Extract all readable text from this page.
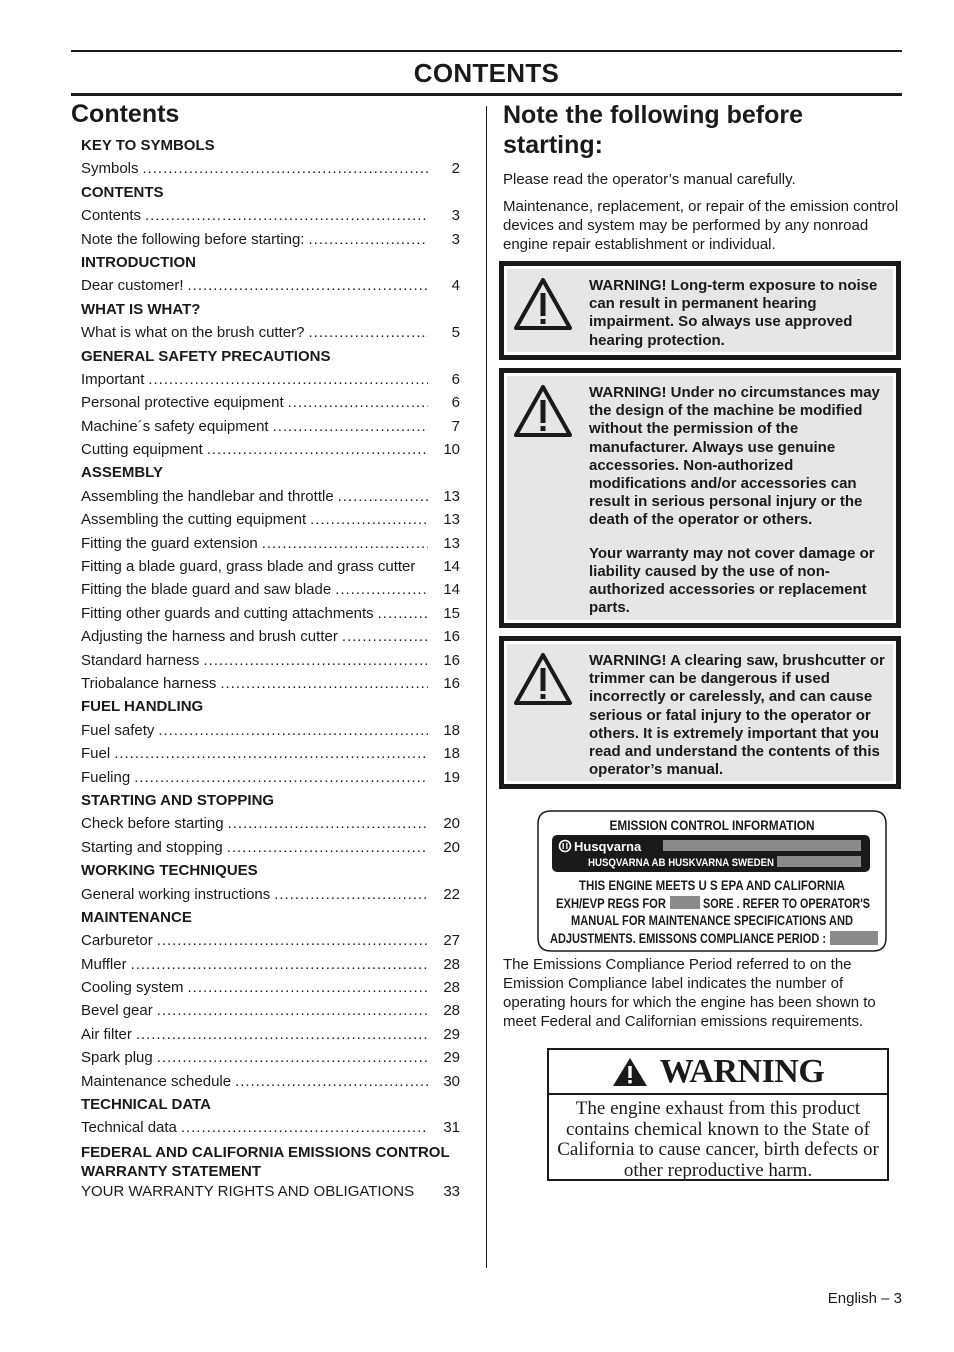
CONTENTS
Contents
KEY TO SYMBOLS
Symbols . . .	2
CONTENTS
Contents . . .	3
Note the following before starting: . . .	3
INTRODUCTION
Dear customer! . . .	4
WHAT IS WHAT?
What is what on the brush cutter? . . .	5
GENERAL SAFETY PRECAUTIONS
Important . . .	6
Personal protective equipment . . .	6
Machine´s safety equipment . . .	7
Cutting equipment . . .	10
ASSEMBLY
Assembling the handlebar and throttle . . .	13
Assembling the cutting equipment . . .	13
Fitting the guard extension . . .	13
Fitting a blade guard, grass blade and grass cutter	14
Fitting the blade guard and saw blade . . .	14
Fitting other guards and cutting attachments . . .	15
Adjusting the harness and brush cutter . . .	16
Standard harness . . .	16
Triobalance harness . . .	16
FUEL HANDLING
Fuel safety . . .	18
Fuel . . .	18
Fueling . . .	19
STARTING AND STOPPING
Check before starting . . .	20
Starting and stopping . . .	20
WORKING TECHNIQUES
General working instructions . . .	22
MAINTENANCE
Carburetor . . .	27
Muffler . . .	28
Cooling system . . .	28
Bevel gear . . .	28
Air filter . . .	29
Spark plug . . .	29
Maintenance schedule . . .	30
TECHNICAL DATA
Technical data . . .	31
FEDERAL AND CALIFORNIA EMISSIONS CONTROL WARRANTY STATEMENT
YOUR WARRANTY RIGHTS AND OBLIGATIONS	33
Note the following before starting:

Please read the operator’s manual carefully.

Maintenance, replacement, or repair of the emission control devices and system may be performed by any nonroad engine repair establishment or individual.

WARNING! Long-term exposure to noise can result in permanent hearing impairment. So always use approved hearing protection.

WARNING! Under no circumstances may the design of the machine be modified without the permission of the manufacturer. Always use genuine accessories. Non-authorized modifications and/or accessories can result in serious personal injury or the death of the operator or others.

Your warranty may not cover damage or liability caused by the use of non-authorized accessories or replacement parts.

WARNING! A clearing saw, brushcutter or trimmer can be dangerous if used incorrectly or carelessly, and can cause serious or fatal injury to the operator or others. It is extremely important that you read and understand the contents of this operator’s manual.

EMISSION CONTROL INFORMATION
Husqvarna
HUSQVARNA AB HUSKVARNA SWEDEN
THIS ENGINE MEETS U S EPA AND CALIFORNIA
EXH/EVP REGS FOR	SORE . REFER TO OPERATOR'S
MANUAL FOR MAINTENANCE SPECIFICATIONS AND
ADJUSTMENTS. EMISSONS COMPLIANCE PERIOD :
The Emissions Compliance Period referred to on the Emission Compliance label indicates the number of operating hours for which the engine has been shown to meet Federal and Californian emissions requirements.
WARNING
The engine exhaust from this product contains chemical known to the State of California to cause cancer, birth defects or other reproductive harm.
English – 3
